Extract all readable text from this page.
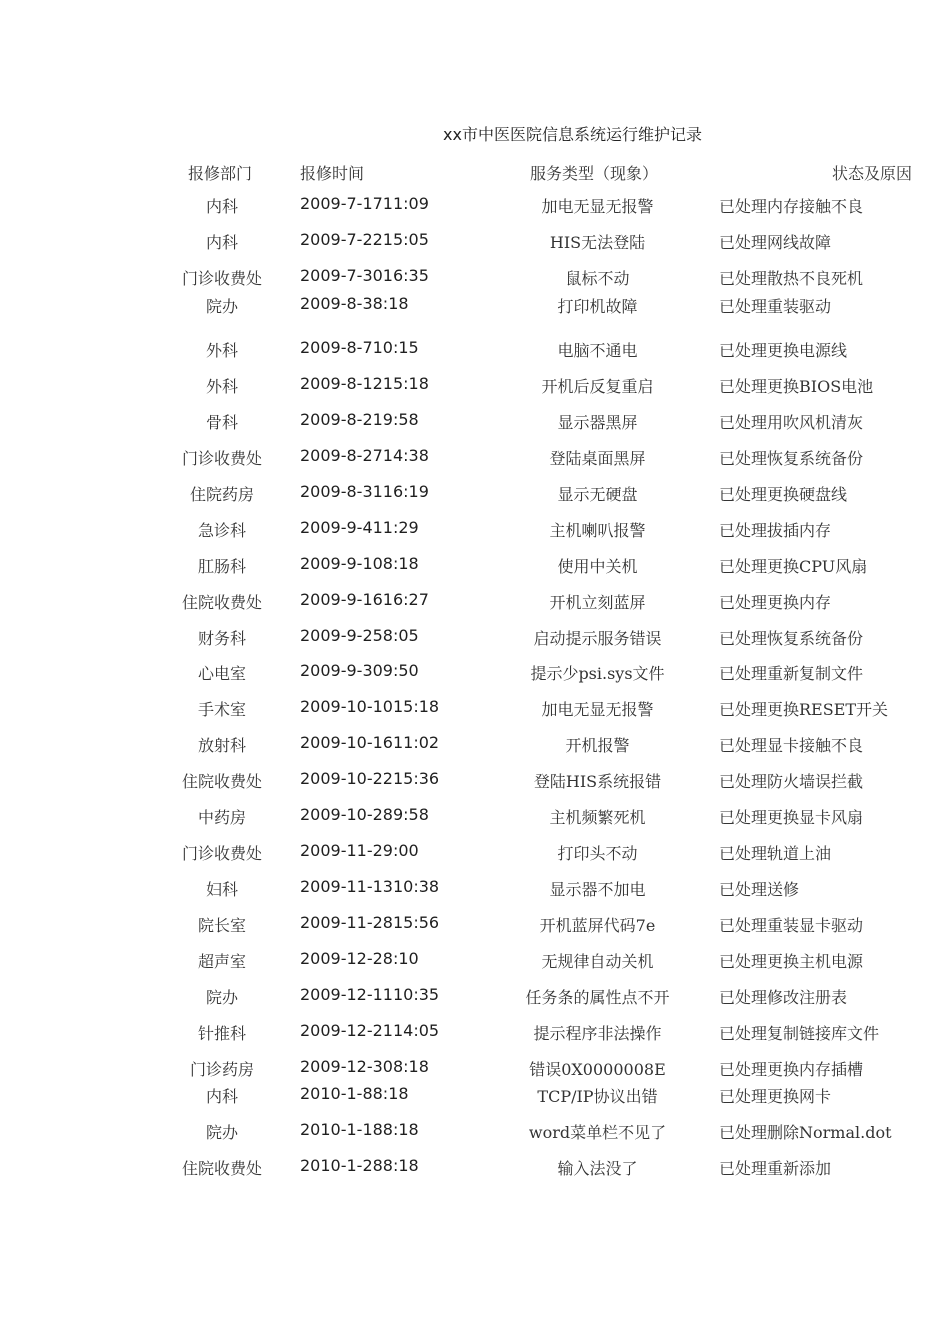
xx市中医医院信息系统运行维护记录
报修部门	报修时间	服务类型（现象）	状态及原因
内科	2009-7-1711:09	加电无显无报警	已处理内存接触不良
内科	2009-7-2215:05	HIS无法登陆	已处理网线故障
门诊收费处	2009-7-3016:35	鼠标不动	已处理散热不良死机
院办	2009-8-38:18	打印机故障	已处理重装驱动
外科	2009-8-710:15	电脑不通电	已处理更换电源线
外科	2009-8-1215:18	开机后反复重启	已处理更换BIOS电池
骨科	2009-8-219:58	显示器黑屏	已处理用吹风机清灰
门诊收费处	2009-8-2714:38	登陆桌面黑屏	已处理恢复系统备份
住院药房	2009-8-3116:19	显示无硬盘	已处理更换硬盘线
急诊科	2009-9-411:29	主机喇叭报警	已处理拔插内存
肛肠科	2009-9-108:18	使用中关机	已处理更换CPU风扇
住院收费处	2009-9-1616:27	开机立刻蓝屏	已处理更换内存
财务科	2009-9-258:05	启动提示服务错误	已处理恢复系统备份
心电室	2009-9-309:50	提示少psi.sys文件	已处理重新复制文件
手术室	2009-10-1015:18	加电无显无报警	已处理更换RESET开关
放射科	2009-10-1611:02	开机报警	已处理显卡接触不良
住院收费处	2009-10-2215:36	登陆HIS系统报错	已处理防火墙误拦截
中药房	2009-10-289:58	主机频繁死机	已处理更换显卡风扇
门诊收费处	2009-11-29:00	打印头不动	已处理轨道上油
妇科	2009-11-1310:38	显示器不加电	已处理送修
院长室	2009-11-2815:56	开机蓝屏代码7e	已处理重装显卡驱动
超声室	2009-12-28:10	无规律自动关机	已处理更换主机电源
院办	2009-12-1110:35	任务条的属性点不开	已处理修改注册表
针推科	2009-12-2114:05	提示程序非法操作	已处理复制链接库文件
门诊药房	2009-12-308:18	错误0X0000008E	已处理更换内存插槽
内科	2010-1-88:18	TCP/IP协议出错	已处理更换网卡
院办	2010-1-188:18	word菜单栏不见了	已处理删除Normal.dot
住院收费处	2010-1-288:18	输入法没了	已处理重新添加
